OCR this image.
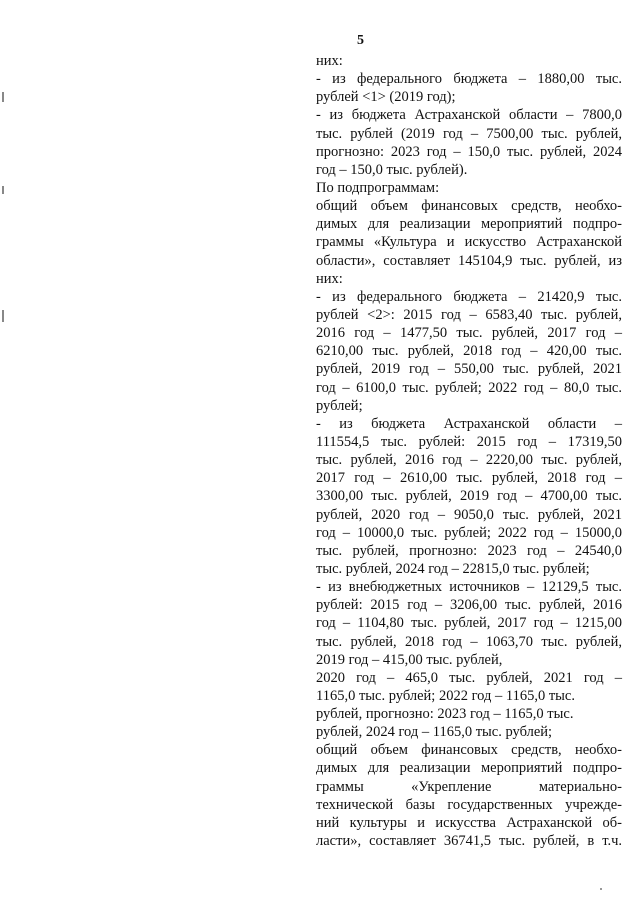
5
них:
- из федерального бюджета – 1880,00 тыс.
рублей <1> (2019 год);
- из бюджета Астраханской области – 7800,0
тыс. рублей (2019 год – 7500,00 тыс. рублей,
прогнозно: 2023 год – 150,0 тыс. рублей, 2024
год – 150,0 тыс. рублей).
По подпрограммам:
общий объем финансовых средств, необхо-
димых для реализации мероприятий подпро-
граммы «Культура и искусство Астраханской
области», составляет 145104,9 тыс. рублей, из
них:
- из федерального бюджета – 21420,9 тыс.
рублей <2>: 2015 год – 6583,40 тыс. рублей,
2016 год – 1477,50 тыс. рублей, 2017 год –
6210,00 тыс. рублей, 2018 год – 420,00 тыс.
рублей, 2019 год – 550,00 тыс. рублей, 2021
год – 6100,0 тыс. рублей; 2022 год – 80,0 тыс.
рублей;
- из бюджета Астраханской области –
111554,5 тыс. рублей: 2015 год – 17319,50
тыс. рублей, 2016 год – 2220,00 тыс. рублей,
2017 год – 2610,00 тыс. рублей, 2018 год –
3300,00 тыс. рублей, 2019 год – 4700,00 тыс.
рублей, 2020 год – 9050,0 тыс. рублей, 2021
год – 10000,0 тыс. рублей; 2022 год – 15000,0
тыс. рублей, прогнозно: 2023 год – 24540,0
тыс. рублей, 2024 год – 22815,0 тыс. рублей;
- из внебюджетных источников – 12129,5 тыс.
рублей: 2015 год – 3206,00 тыс. рублей, 2016
год – 1104,80 тыс. рублей, 2017 год – 1215,00
тыс. рублей, 2018 год – 1063,70 тыс. рублей,
2019 год – 415,00 тыс. рублей,
2020 год – 465,0 тыс. рублей, 2021 год –
1165,0 тыс. рублей; 2022 год – 1165,0 тыс.
рублей, прогнозно: 2023 год – 1165,0 тыс.
рублей, 2024 год – 1165,0 тыс. рублей;
общий объем финансовых средств, необхо-
димых для реализации мероприятий подпро-
граммы «Укрепление материально-
технической базы государственных учрежде-
ний культуры и искусства Астраханской об-
ласти», составляет 36741,5 тыс. рублей, в т.ч.
